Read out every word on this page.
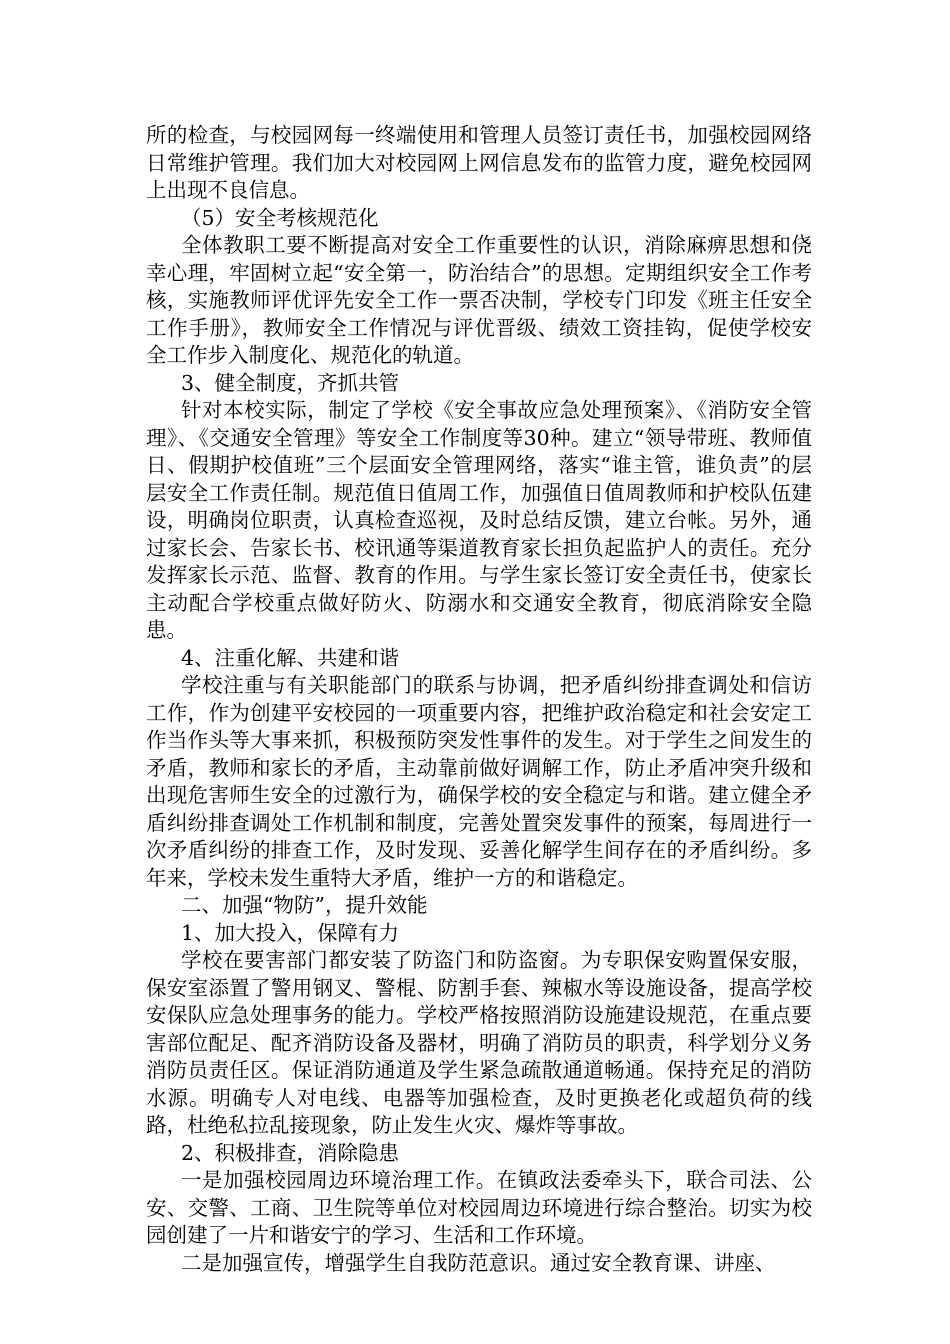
所的检查，与校园网每一终端使用和管理人员签订责任书，加强校园网络日常维护管理。我们加大对校园网上网信息发布的监管力度，避免校园网上出现不良信息。

（5）安全考核规范化

全体教职工要不断提高对安全工作重要性的认识，消除麻痹思想和侥幸心理，牢固树立起“安全第一，防治结合”的思想。定期组织安全工作考核，实施教师评优评先安全工作一票否决制，学校专门印发《班主任安全工作手册》，教师安全工作情况与评优晋级、绩效工资挂钩，促使学校安全工作步入制度化、规范化的轨道。

3、健全制度，齐抓共管

针对本校实际，制定了学校《安全事故应急处理预案》、《消防安全管理》、《交通安全管理》等安全工作制度等30种。建立“领导带班、教师值日、假期护校值班”三个层面安全管理网络，落实“谁主管，谁负责”的层层安全工作责任制。规范值日值周工作，加强值日值周教师和护校队伍建设，明确岗位职责，认真检查巡视，及时总结反馈，建立台帐。另外，通过家长会、告家长书、校讯通等渠道教育家长担负起监护人的责任。充分发挥家长示范、监督、教育的作用。与学生家长签订安全责任书，使家长主动配合学校重点做好防火、防溺水和交通安全教育，彻底消除安全隐患。

4、注重化解、共建和谐

学校注重与有关职能部门的联系与协调，把矛盾纠纷排查调处和信访工作，作为创建平安校园的一项重要内容，把维护政治稳定和社会安定工作当作头等大事来抓，积极预防突发性事件的发生。对于学生之间发生的矛盾，教师和家长的矛盾，主动靠前做好调解工作，防止矛盾冲突升级和出现危害师生安全的过激行为，确保学校的安全稳定与和谐。建立健全矛盾纠纷排查调处工作机制和制度，完善处置突发事件的预案，每周进行一次矛盾纠纷的排查工作，及时发现、妥善化解学生间存在的矛盾纠纷。多年来，学校未发生重特大矛盾，维护一方的和谐稳定。

二、加强“物防”，提升效能

1、加大投入，保障有力

学校在要害部门都安装了防盗门和防盗窗。为专职保安购置保安服，保安室添置了警用钢叉、警棍、防割手套、辣椒水等设施设备，提高学校安保队应急处理事务的能力。学校严格按照消防设施建设规范，在重点要害部位配足、配齐消防设备及器材，明确了消防员的职责，科学划分义务消防员责任区。保证消防通道及学生紧急疏散通道畅通。保持充足的消防水源。明确专人对电线、电器等加强检查，及时更换老化或超负荷的线路，杜绝私拉乱接现象，防止发生火灾、爆炸等事故。

2、积极排查，消除隐患

一是加强校园周边环境治理工作。在镇政法委牵头下，联合司法、公安、交警、工商、卫生院等单位对校园周边环境进行综合整治。切实为校园创建了一片和谐安宁的学习、生活和工作环境。

二是加强宣传，增强学生自我防范意识。通过安全教育课、讲座、
